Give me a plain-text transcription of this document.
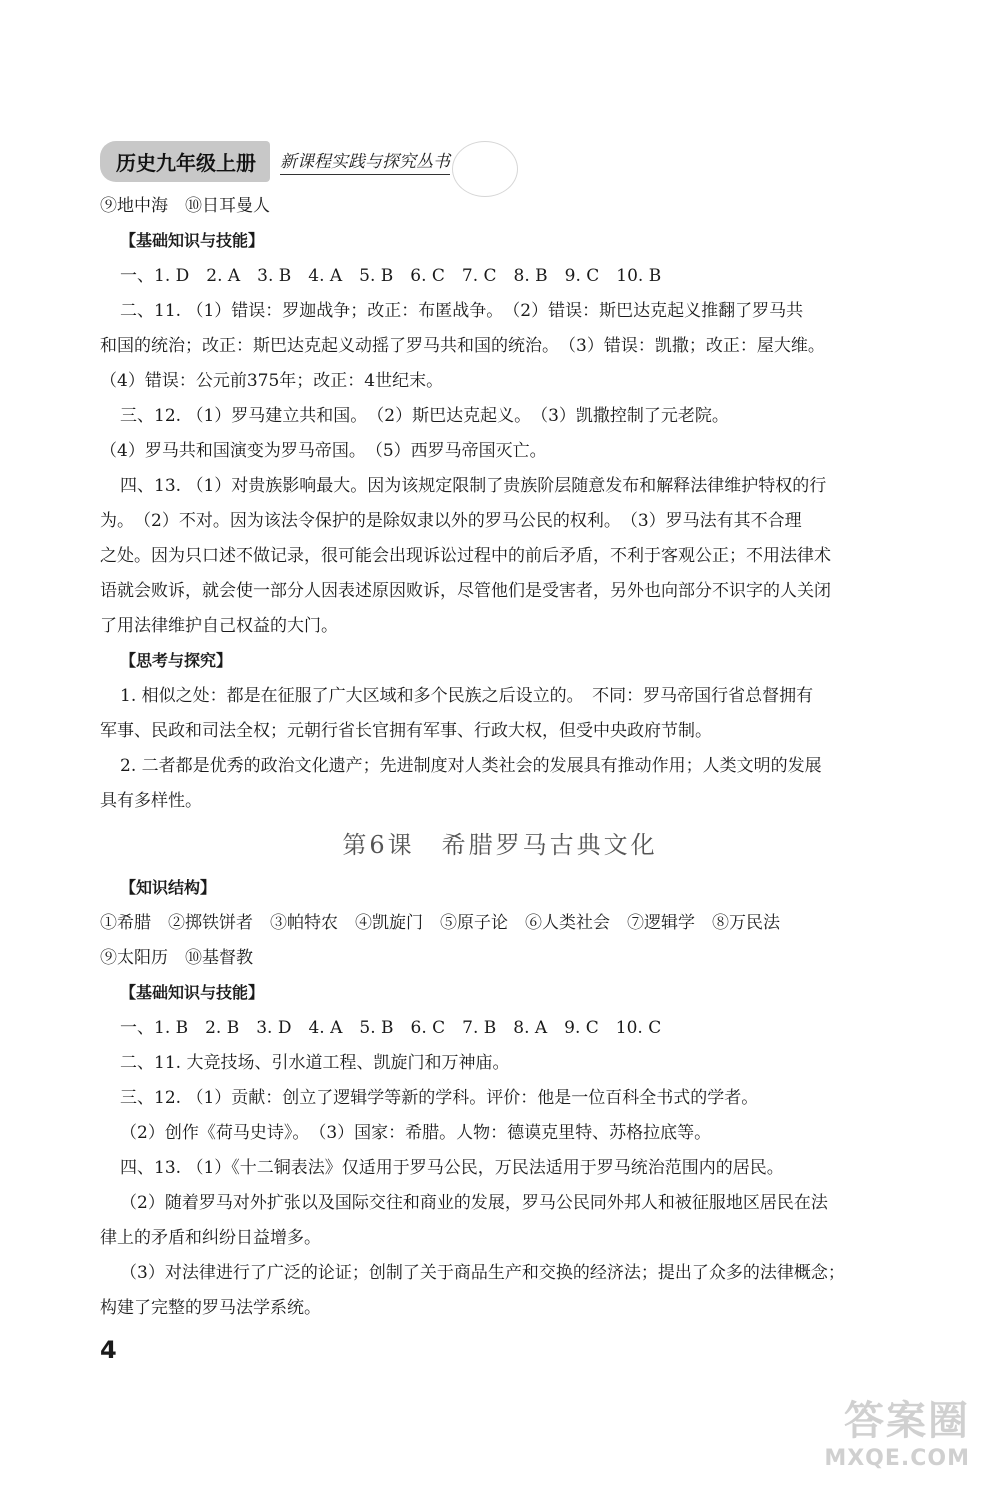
历史九年级上册	新课程实践与探究丛书
⑨地中海　⑩日耳曼人
【基础知识与技能】
一、1. D　2. A　3. B　4. A　5. B　6. C　7. C　8. B　9. C　10. B
二、11. （1）错误：罗迦战争；改正：布匿战争。　（2）错误：斯巴达克起义推翻了罗马共
和国的统治；改正：斯巴达克起义动摇了罗马共和国的统治。　（3）错误：凯撒；改正：屋大维。
（4）错误：公元前375年；改正：4世纪末。
三、12. （1）罗马建立共和国。　（2）斯巴达克起义。　（3）凯撒控制了元老院。
（4）罗马共和国演变为罗马帝国。　（5）西罗马帝国灭亡。
四、13. （1）对贵族影响最大。因为该规定限制了贵族阶层随意发布和解释法律维护特权的行
为。　（2）不对。因为该法令保护的是除奴隶以外的罗马公民的权利。　（3）罗马法有其不合理
之处。因为只口述不做记录，很可能会出现诉讼过程中的前后矛盾，不利于客观公正；不用法律术
语就会败诉，就会使一部分人因表述原因败诉，尽管他们是受害者，另外也向部分不识字的人关闭
了用法律维护自己权益的大门。
【思考与探究】
1. 相似之处：都是在征服了广大区域和多个民族之后设立的。　不同：罗马帝国行省总督拥有
军事、民政和司法全权；元朝行省长官拥有军事、行政大权，但受中央政府节制。
2. 二者都是优秀的政治文化遗产；先进制度对人类社会的发展具有推动作用；人类文明的发展
具有多样性。
第6课　希腊罗马古典文化
【知识结构】
①希腊　②掷铁饼者　③帕特农　④凯旋门　⑤原子论　⑥人类社会　⑦逻辑学　⑧万民法
⑨太阳历　⑩基督教
【基础知识与技能】
一、1. B　2. B　3. D　4. A　5. B　6. C　7. B　8. A　9. C　10. C
二、11. 大竞技场、引水道工程、凯旋门和万神庙。
三、12. （1）贡献：创立了逻辑学等新的学科。评价：他是一位百科全书式的学者。
（2）创作《荷马史诗》。　（3）国家：希腊。人物：德谟克里特、苏格拉底等。
四、13. （1）《十二铜表法》仅适用于罗马公民，万民法适用于罗马统治范围内的居民。
（2）随着罗马对外扩张以及国际交往和商业的发展，罗马公民同外邦人和被征服地区居民在法
律上的矛盾和纠纷日益增多。
（3）对法律进行了广泛的论证；创制了关于商品生产和交换的经济法；提出了众多的法律概念；
构建了完整的罗马法学系统。
4
答案圈
MXQE.COM
